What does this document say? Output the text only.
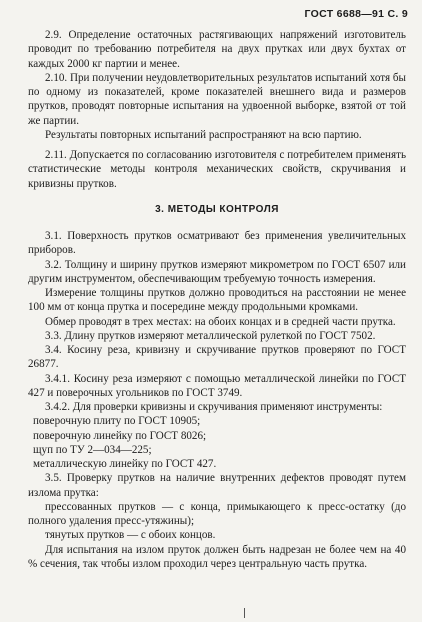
ГОСТ 6688—91 С. 9

2.9. Определение остаточных растягивающих напряжений изготовитель проводит по требованию потребителя на двух прутках или двух бухтах от каждых 2000 кг партии и менее.

2.10. При получении неудовлетворительных результатов испытаний хотя бы по одному из показателей, кроме показателей внешнего вида и размеров прутков, проводят повторные испытания на удвоенной выборке, взятой от той же партии.

Результаты повторных испытаний распространяют на всю партию.

2.11. Допускается по согласованию изготовителя с потребителем применять статистические методы контроля механических свойств, скручивания и кривизны прутков.

3. МЕТОДЫ КОНТРОЛЯ

3.1. Поверхность прутков осматривают без применения увеличительных приборов.

3.2. Толщину и ширину прутков измеряют микрометром по ГОСТ 6507 или другим инструментом, обеспечивающим требуемую точность измерения.

Измерение толщины прутков должно проводиться на расстоянии не менее 100 мм от конца прутка и посередине между продольными кромками.

Обмер проводят в трех местах: на обоих концах и в средней части прутка.

3.3. Длину прутков измеряют металлической рулеткой по ГОСТ 7502.

3.4. Косину реза, кривизну и скручивание прутков проверяют по ГОСТ 26877.

3.4.1. Косину реза измеряют с помощью металлической линейки по ГОСТ 427 и поверочных угольников по ГОСТ 3749.

3.4.2. Для проверки кривизны и скручивания применяют инструменты:

поверочную плиту по ГОСТ 10905;

поверочную линейку по ГОСТ 8026;

щуп по ТУ 2—034—225;

металлическую линейку по ГОСТ 427.

3.5. Проверку прутков на наличие внутренних дефектов проводят путем излома прутка:

прессованных прутков — с конца, примыкающего к пресс-остатку (до полного удаления пресс-утяжины);

тянутых прутков — с обоих концов.

Для испытания на излом пруток должен быть надрезан не более чем на 40 % сечения, так чтобы излом проходил через центральную часть прутка.
